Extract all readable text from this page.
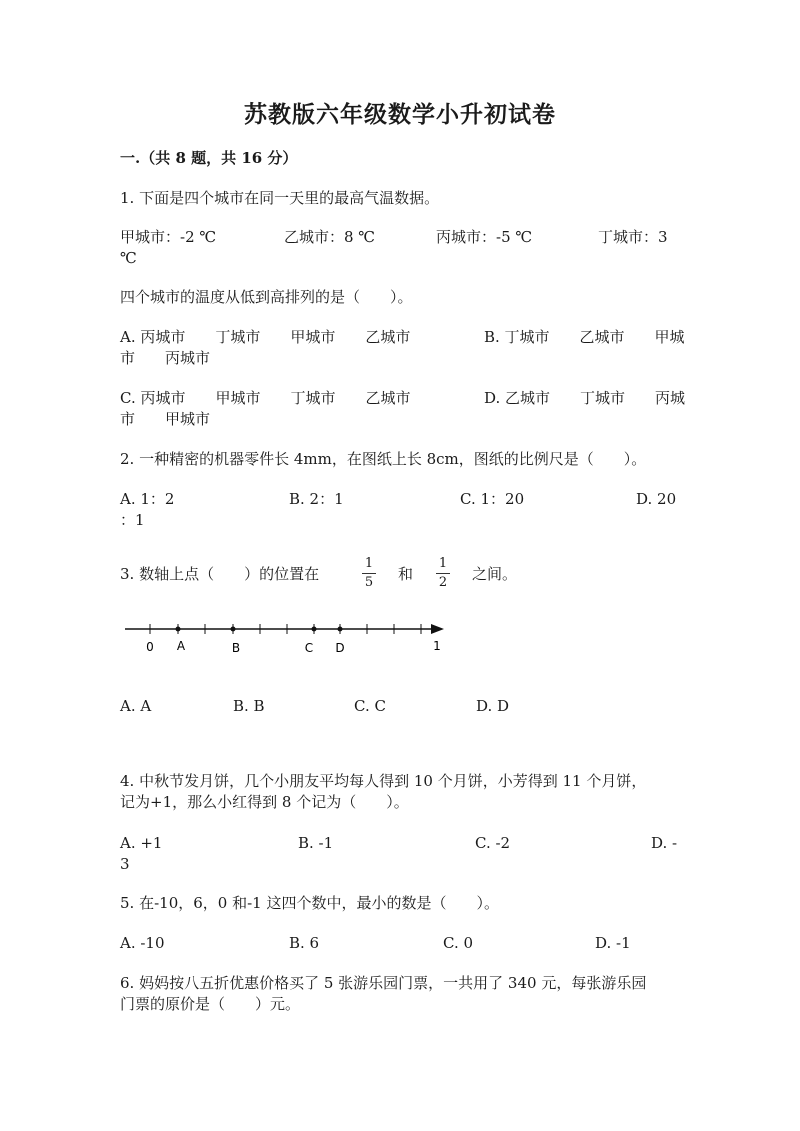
苏教版六年级数学小升初试卷
一.（共 8 题，共 16 分）
1. 下面是四个城市在同一天里的最高气温数据。
甲城市：-2 ℃	乙城市：8 ℃	丙城市：-5 ℃	丁城市：3
℃
四个城市的温度从低到高排列的是（　　）。
A. 丙城市　　丁城市　　甲城市　　乙城市	B. 丁城市　　乙城市　　甲城
市　　丙城市
C. 丙城市　　甲城市　　丁城市　　乙城市	D. 乙城市　　丁城市　　丙城
市　　甲城市
2. 一种精密的机器零件长 4mm，在图纸上长 8cm，图纸的比例尺是（　　）。
A. 1：2	B. 2：1	C. 1：20	D. 20
：1
3. 数轴上点（　　）的位置在
1
5 和
1
2 之间。
0 A	B	C D	1
A. A	B. B	C. C	D. D
4. 中秋节发月饼，几个小朋友平均每人得到 10 个月饼，小芳得到 11 个月饼，
记为+1，那么小红得到 8 个记为（　　）。
A. +1	B. -1	C. -2	D. -
3
5. 在-10，6，0 和-1 这四个数中，最小的数是（　　）。
A. -10	B. 6	C. 0	D. -1
6. 妈妈按八五折优惠价格买了 5 张游乐园门票，一共用了 340 元，每张游乐园
门票的原价是（　　）元。
